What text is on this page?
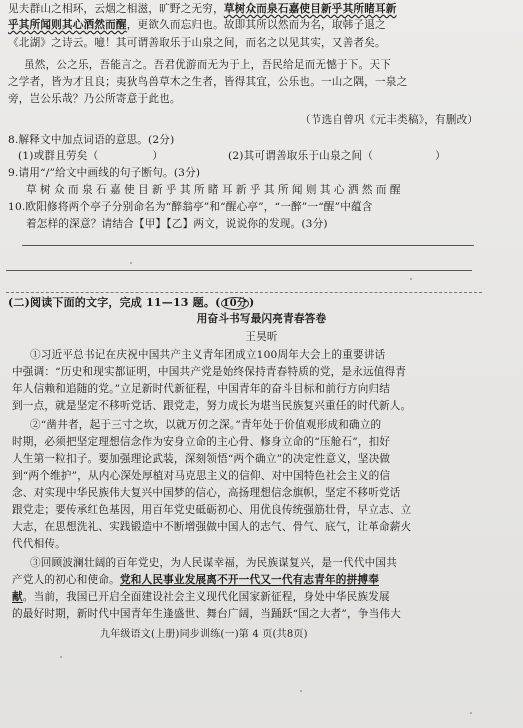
见夫群山之相环，云烟之相滋，旷野之无穷，草树众而泉石嘉使目新乎其所睹耳新
乎其所闻则其心洒然而醒，更欲久而忘归也。故即其所以然而为名，取韩子退之
《北湖》之诗云。噫！其可谓善取乐于山泉之间，而名之以见其实，又善者矣。
虽然，公之乐，吾能言之。吾君优游而无为于上，吾民给足而无憾于下。天下
之学者，皆为才且良；夷狄鸟兽草木之生者，皆得其宜，公乐也。一山之隅，一泉之
旁，岂公乐哉？乃公所寄意于此也。
（节选自曾巩《元丰类稿》，有删改）
8.解释文中加点词语的意思。(2分)
(1)或群且劳矣（	）	(2)其可谓善取乐于山泉之间（	）
9.请用“/”给文中画线的句子断句。(3分)
草树众而泉石嘉使目新乎其所睹耳新乎其所闻则其心洒然而醒
10.欧阳修将两个亭子分别命名为“醉翁亭”和“醒心亭”，“一醉”一“醒”中蕴含
着怎样的深意？请结合【甲】【乙】两文，说说你的发现。(3分)
(二)阅读下面的文字，完成 11—13 题。( 10分 )
用奋斗书写最闪亮青春答卷
王昊昕
①习近平总书记在庆祝中国共产主义青年团成立100周年大会上的重要讲话
中强调：“历史和现实都证明，中国共产党是始终保持青春特质的党，是永远值得青
年人信赖和追随的党。”立足新时代新征程，中国青年的奋斗目标和前行方向归结
到一点，就是坚定不移听党话、跟党走，努力成长为堪当民族复兴重任的时代新人。
②“凿井者，起于三寸之坎，以就万仞之深。”青年处于价值观形成和确立的
时期，必须把坚定理想信念作为安身立命的主心骨、修身立命的“压舱石”，扣好
人生第一粒扣子。要加强理论武装，深刻领悟“两个确立”的决定性意义，坚决做
到“两个维护”，从内心深处厚植对马克思主义的信仰、对中国特色社会主义的信
念、对实现中华民族伟大复兴中国梦的信心，高扬理想信念旗帜，坚定不移听党话
跟党走；要传承红色基因，用百年党史砥砺初心、用优良传统强筋壮骨，早立志、立
大志，在思想洗礼、实践锻造中不断增强做中国人的志气、骨气、底气，让革命薪火
代代相传。
③回顾波澜壮阔的百年党史，为人民谋幸福，为民族谋复兴，是一代代中国共
产党人的初心和使命。党和人民事业发展离不开一代又一代有志青年的拼搏奉
献。当前，我国已开启全面建设社会主义现代化国家新征程，身处中华民族发展
的最好时期，新时代中国青年生逢盛世、舞台广阔，当踊跃“国之大者”，争当伟大
九年级语文(上册)同步训练(一)第 4 页(共8页)
